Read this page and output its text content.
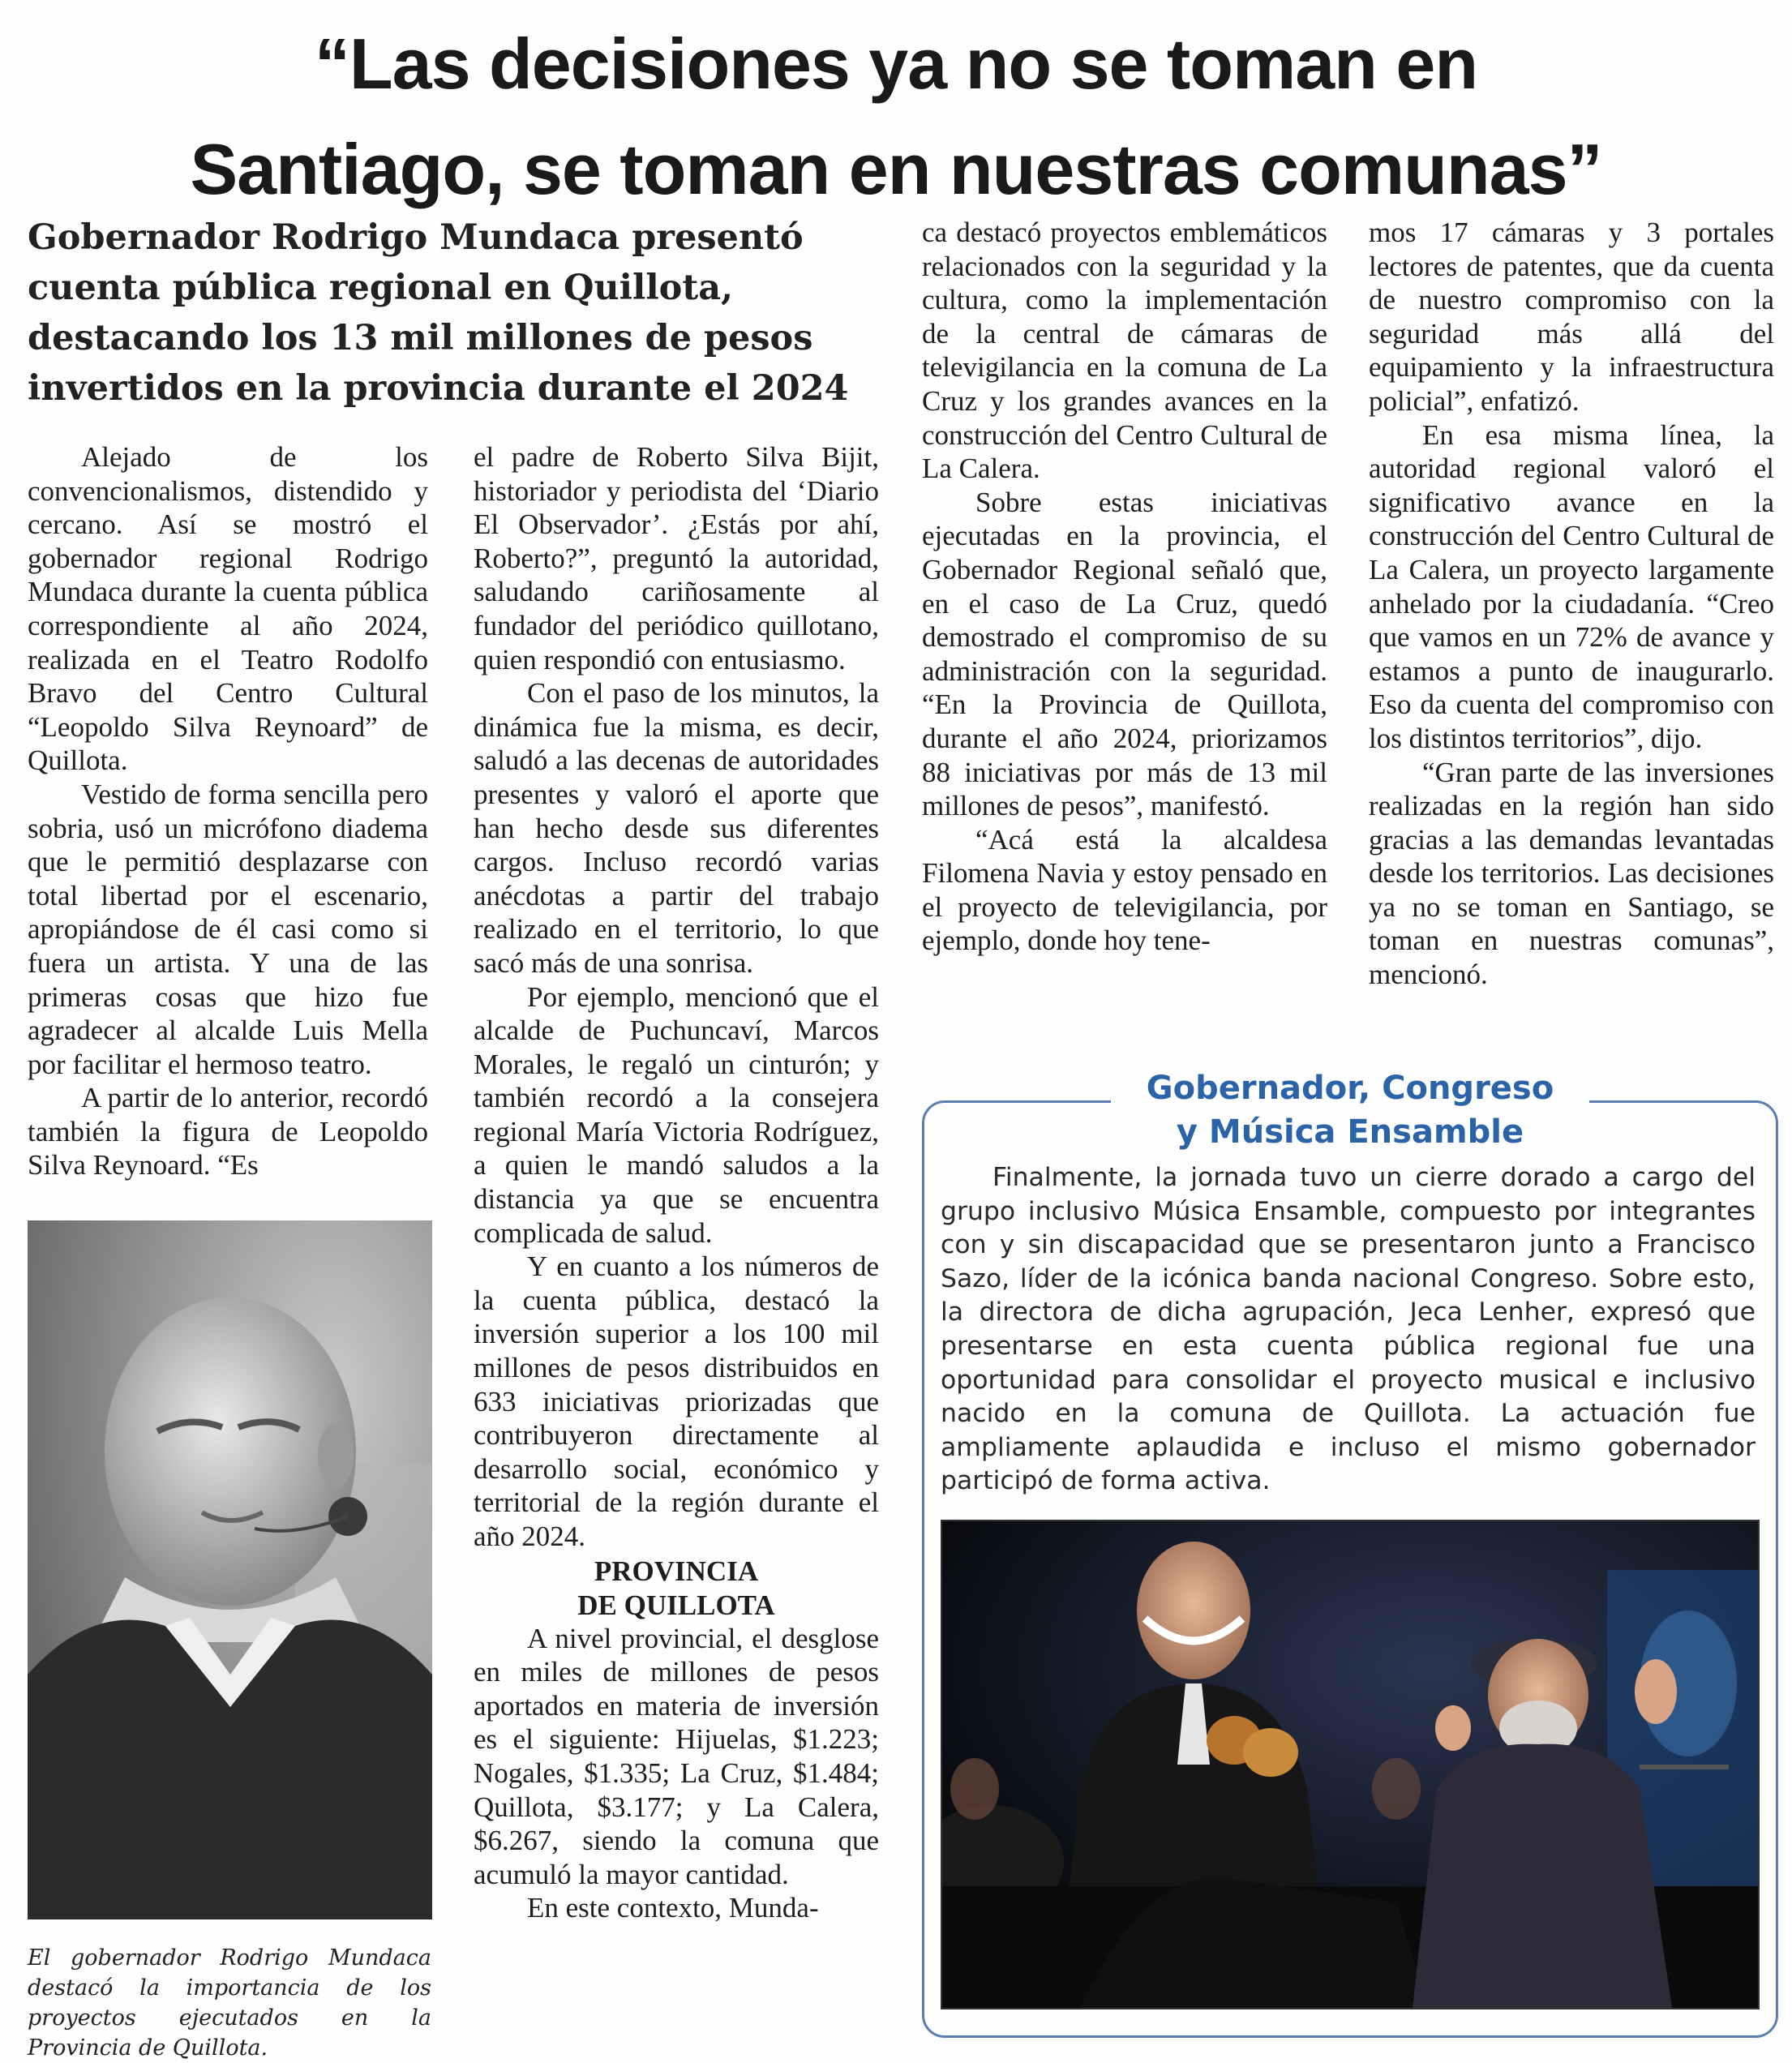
“Las decisiones ya no se toman en
Santiago, se toman en nuestras comunas”
Gobernador Rodrigo Mundaca presentó
cuenta pública regional en Quillota,
destacando los 13 mil millones de pesos
invertidos en la provincia durante el 2024

Alejado de los convencionalismos, distendido y cercano. Así se mostró el gobernador regional Rodrigo Mundaca durante la cuenta pública correspondiente al año 2024, realizada en el Teatro Rodolfo Bravo del Centro Cultural “Leopoldo Silva Reynoard” de Quillota.

Vestido de forma sencilla pero sobria, usó un micrófono diadema que le permitió desplazarse con total libertad por el escenario, apropiándose de él casi como si fuera un artista. Y una de las primeras cosas que hizo fue agradecer al alcalde Luis Mella por facilitar el hermoso teatro.

A partir de lo anterior, recordó también la figura de Leopoldo Silva Reynoard. “Es

El gobernador Rodrigo Mundaca destacó la importancia de los proyectos ejecutados en la Provincia de Quillota.

el padre de Roberto Silva Bijit, historiador y periodista del ‘Diario El Observador’. ¿Estás por ahí, Roberto?”, preguntó la autoridad, saludando cariñosamente al fundador del periódico quillotano, quien respondió con entusiasmo.

Con el paso de los minutos, la dinámica fue la misma, es decir, saludó a las decenas de autoridades presentes y valoró el aporte que han hecho desde sus diferentes cargos. Incluso recordó varias anécdotas a partir del trabajo realizado en el territorio, lo que sacó más de una sonrisa.

Por ejemplo, mencionó que el alcalde de Puchuncaví, Marcos Morales, le regaló un cinturón; y también recordó a la consejera regional María Victoria Rodríguez, a quien le mandó saludos a la distancia ya que se encuentra complicada de salud.

Y en cuanto a los números de la cuenta pública, destacó la inversión superior a los 100 mil millones de pesos distribuidos en 633 iniciativas priorizadas que contribuyeron directamente al desarrollo social, económico y territorial de la región durante el año 2024.

PROVINCIA
DE QUILLOTA

A nivel provincial, el desglose en miles de millones de pesos aportados en materia de inversión es el siguiente: Hijuelas, $1.223; Nogales, $1.335; La Cruz, $1.484; Quillota, $3.177; y La Calera, $6.267, siendo la comuna que acumuló la mayor cantidad.

En este contexto, Munda-

ca destacó proyectos emblemáticos relacionados con la seguridad y la cultura, como la implementación de la central de cámaras de televigilancia en la comuna de La Cruz y los grandes avances en la construcción del Centro Cultural de La Calera.

Sobre estas iniciativas ejecutadas en la provincia, el Gobernador Regional señaló que, en el caso de La Cruz, quedó demostrado el compromiso de su administración con la seguridad. “En la Provincia de Quillota, durante el año 2024, priorizamos 88 iniciativas por más de 13 mil millones de pesos”, manifestó.

“Acá está la alcaldesa Filomena Navia y estoy pensado en el proyecto de televigilancia, por ejemplo, donde hoy tene-

mos 17 cámaras y 3 portales lectores de patentes, que da cuenta de nuestro compromiso con la seguridad más allá del equipamiento y la infraestructura policial”, enfatizó.

En esa misma línea, la autoridad regional valoró el significativo avance en la construcción del Centro Cultural de La Calera, un proyecto largamente anhelado por la ciudadanía. “Creo que vamos en un 72% de avance y estamos a punto de inaugurarlo. Eso da cuenta del compromiso con los distintos territorios”, dijo.

“Gran parte de las inversiones realizadas en la región han sido gracias a las demandas levantadas desde los territorios. Las decisiones ya no se toman en Santiago, se toman en nuestras comunas”, mencionó.

Gobernador, Congreso
y Música Ensamble

Finalmente, la jornada tuvo un cierre dorado a cargo del grupo inclusivo Música Ensamble, compuesto por integrantes con y sin discapacidad que se presentaron junto a Francisco Sazo, líder de la icónica banda nacional Congreso. Sobre esto, la directora de dicha agrupación, Jeca Lenher, expresó que presentarse en esta cuenta pública regional fue una oportunidad para consolidar el proyecto musical e inclusivo nacido en la comuna de Quillota. La actuación fue ampliamente aplaudida e incluso el mismo gobernador participó de forma activa.
